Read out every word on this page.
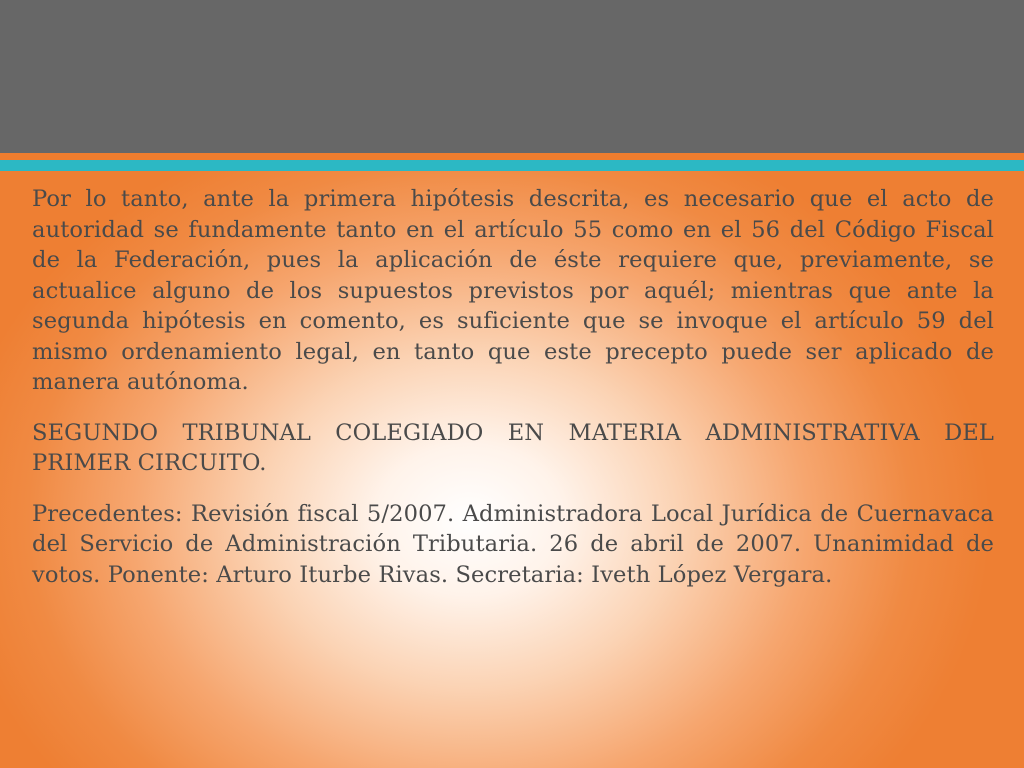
Por lo tanto, ante la primera hipótesis descrita, es necesario que el acto de autoridad se fundamente tanto en el artículo 55 como en el 56 del Código Fiscal de la Federación, pues la aplicación de éste requiere que, previamente, se actualice alguno de los supuestos previstos por aquél; mientras que ante la segunda hipótesis en comento, es suficiente que se invoque el artículo 59 del mismo ordenamiento legal, en tanto que este precepto puede ser aplicado de manera autónoma.

SEGUNDO TRIBUNAL COLEGIADO EN MATERIA ADMINISTRATIVA DEL PRIMER CIRCUITO.

Precedentes: Revisión fiscal 5/2007. Administradora Local Jurídica de Cuernavaca del Servicio de Administración Tributaria. 26 de abril de 2007. Unanimidad de votos. Ponente: Arturo Iturbe Rivas. Secretaria: Iveth López Vergara.
